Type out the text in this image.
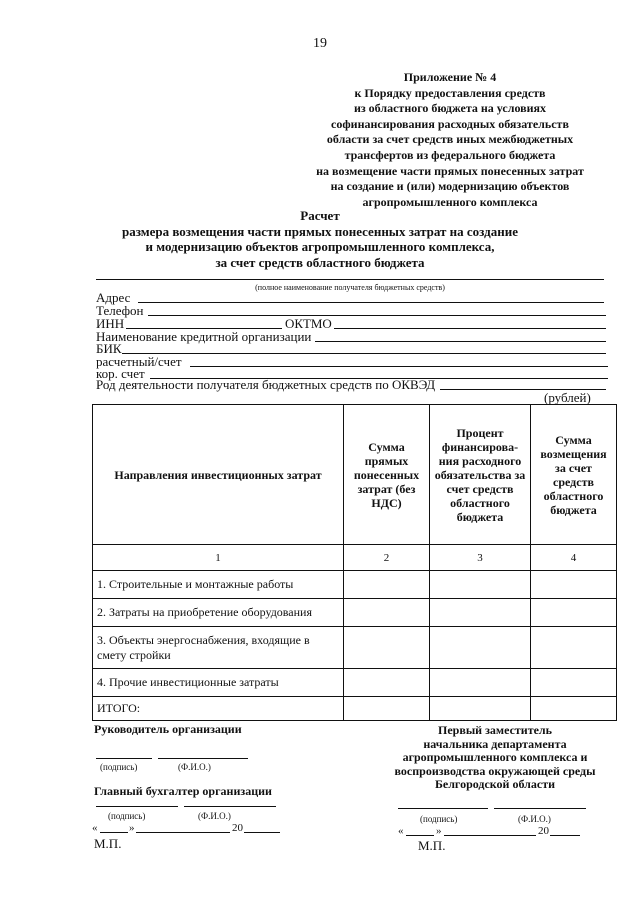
19
Приложение № 4
к Порядку предоставления средств
из областного бюджета на условиях
софинансирования расходных обязательств
области за счет средств иных межбюджетных
трансфертов из федерального бюджета
на возмещение части прямых понесенных затрат
на создание и (или) модернизацию объектов
агропромышленного комплекса
Расчет
размера возмещения части прямых понесенных затрат на создание
и модернизацию объектов агропромышленного комплекса,
за счет средств областного бюджета
(полное наименование получателя бюджетных средств)
Адрес
Телефон
ИНН	ОКТМО
Наименование кредитной организации
БИК
расчетный/счет
кор. счет
Род деятельности получателя бюджетных средств по ОКВЭД
(рублей)
Направления инвестиционных затрат	Сумма прямых понесенных затрат (без НДС)	Процент финансирова-ния расходного обязательства за счет средств областного бюджета	Сумма возмещения за счет средств областного бюджета
1	2	3	4
1. Строительные и монтажные работы			
2. Затраты на приобретение оборудования			
3. Объекты энергоснабжения, входящие в смету стройки			
4. Прочие инвестиционные затраты			
ИТОГО:			
Руководитель организации
(подпись)	(Ф.И.О.)
Главный бухгалтер организации
(подпись)	(Ф.И.О.)
«	»	20
М.П.
Первый заместитель
начальника департамента
агропромышленного комплекса и
воспроизводства окружающей среды
Белгородской области
(подпись)	(Ф.И.О.)
«	»	20
М.П.
